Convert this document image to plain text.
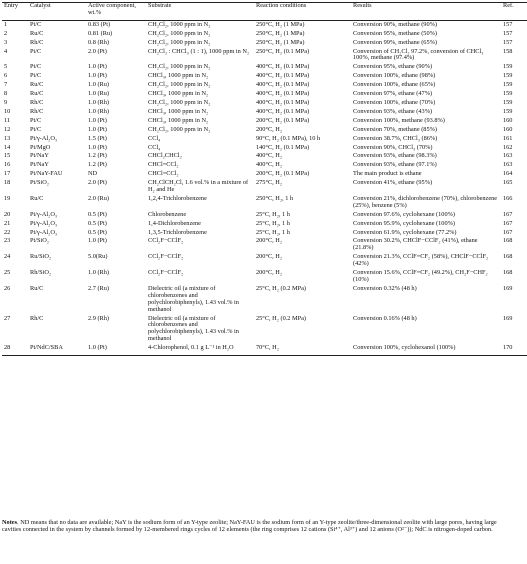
Entry	Catalyst	Active component, wt.%	Substrate	Reaction conditions	Results	Ref.
1	Pt/C	0.83 (Pt)	CH₂Cl₂, 1000 ppm in N₂	250°C, H₂ (1 MPa)	Conversion 90%, methane (90%)	157
2	Ru/C	0.81 (Ru)	CH₂Cl₂, 1000 ppm in N₂	250°C, H₂ (1 MPa)	Conversion 95%, methane (50%)	157
3	Rh/C	0.8 (Rh)	CH₂Cl₂, 1000 ppm in N₂	250°C, H₂ (1 MPa)	Conversion 99%, methane (65%)	157
4	Pt/C	2.0 (Pt)	CH₂Cl₂ : CHCl₃ (1 : 1), 1000 ppm in N₂	250°C, H₂ (0.1 MPa)	Conversion of CH₂Cl₂ 97.2%, conversion of CHCl₃ 100%, methane (97.4%)	158
5	Pt/C	1.0 (Pt)	CH₂Cl₂, 1000 ppm in N₂	400°C, H₂ (0.1 MPa)	Conversion 95%, ethane (90%)	159
6	Pt/C	1.0 (Pt)	CHCl₃, 1000 ppm in N₂	400°C, H₂ (0.1 MPa)	Conversion 100%, ethane (98%)	159
7	Ru/C	1.0 (Ru)	CH₂Cl₂, 1000 ppm in N₂	400°C, H₂ (0.1 MPa)	Conversion 100%, ethane (65%)	159
8	Ru/C	1.0 (Ru)	CHCl₃, 1000 ppm in N₂	400°C, H₂ (0.1 MPa)	Conversion 97%, ethane (47%)	159
9	Rh/C	1.0 (Rh)	CH₂Cl₂, 1000 ppm in N₂	400°C, H₂ (0.1 MPa)	Conversion 100%, ethane (70%)	159
10	Rh/C	1.0 (Rh)	CHCl₃, 1000 ppm in N₂	400°C, H₂ (0.1 MPa)	Conversion 93%, ethane (43%)	159
11	Pt/C	1.0 (Pt)	CHCl₃, 1000 ppm in N₂	200°C, H₂ (0.1 MPa)	Conversion 100%, methane (93.8%)	160
12	Pt/C	1.0 (Pt)	CH₂Cl₂, 1000 ppm in N₂	200°C, H₂	Conversion 70%, methane (85%)	160
13	Pt/γ-Al₂O₃	1.5 (Pt)	CCl₄	90°C, H₂ (0.1 MPa), 10 h	Conversion 38.7%, CHCl₃ (86%)	161
14	Pt/MgO	1.0 (Pt)	CCl₄	140°C, H₂ (0.1 MPa)	Conversion 90%, CHCl₃ (70%)	162
15	Pt/NaY	1.2 (Pt)	CHCl₂CHCl₂	400°C, H₂	Conversion 93%, ethane (98.3%)	163
16	Pt/NaY	1.2 (Pt)	CHCl=CCl₂	400°C, H₂	Conversion 93%, ethane (97.1%)	163
17	Pt/NaY-FAU	ND	CHCl=CCl₂	200°C, H₂ (0.1 MPa)	The main product is ethane	164
18	Pt/SiO₂	2.0 (Pt)	CH₂ClCH₂Cl, 1.6 vol.% in a mixture of H₂ and He	275°C, H₂	Conversion 41%, ethane (95%)	165
19	Ru/C	2.0 (Ru)	1,2,4-Trichlorobenzene	250°C, H₂, 1 h	Conversion 21%, dichlorobenzene (70%), chlorobenzene (25%), benzene (5%)	166
20	Pt/γ-Al₂O₃	0.5 (Pt)	Chlorobenzene	25°C, H₂, 1 h	Conversion 97.6%, cyclohexane (100%)	167
21	Pt/γ-Al₂O₃	0.5 (Pt)	1,4-Dichlorobenzene	25°C, H₂, 1 h	Conversion 95.9%, cyclohexane (100%)	167
22	Pt/γ-Al₂O₃	0.5 (Pt)	1,3,5-Trichlorobenzene	25°C, H₂, 1 h	Conversion 61.9%, cyclohexane (77.2%)	167
23	Pt/SiO₂	1.0 (Pt)	CCl₂F−CClF₂	200°C, H₂	Conversion 30.2%, CHClF−CClF₂ (41%), ethane (21.8%)	168
24	Ru/SiO₂	5.0(Ru)	CCl₂F−CClF₂	200°C, H₂	Conversion 21.3%, CClF=CF₂ (58%), CHClF−CClF₂ (42%)	168
25	Rh/SiO₂	1.0 (Rh)	CCl₂F−CClF₂	200°C, H₂	Conversion 15.6%, CClF=CF₂ (49.2%), CH₂F−CHF₂ (10%)	168
26	Ru/C	2.7 (Ru)	Dielectric oil (a mixture of chlorobenzenes and polychlorobiphenyls), 1.43 vol.% in methanol	25°C, H₂ (0.2 MPa)	Conversion 0.32% (48 h)	169
27	Rh/C	2.9 (Rh)	Dielectric oil (a mixture of chlorobenzenes and polychlorobiphenyls), 1.43 vol.% in methanol	25°C, H₂ (0.2 MPa)	Conversion 0.16% (48 h)	169
28	Pt/NdC/SBA	1.0 (Pt)	4-Chlorophenol, 0.1 g L⁻¹ in H₂O	70°C, H₂	Conversion 100%, cyclohexanol (100%)	170
Notes. ND means that no data are available; NaY is the sodium form of an Y-type zeolite; NaY-FAU is the sodium form of an Y-type zeolite/three-dimensional zeolite with large pores, having large cavities connected in the system by channels formed by 12-membered rings cycles of 12 elements (the ring comprises 12 cations (Si⁴⁺, Al³⁺) and 12 anions (O²⁻)); NdC is nitrogen-doped carbon.
